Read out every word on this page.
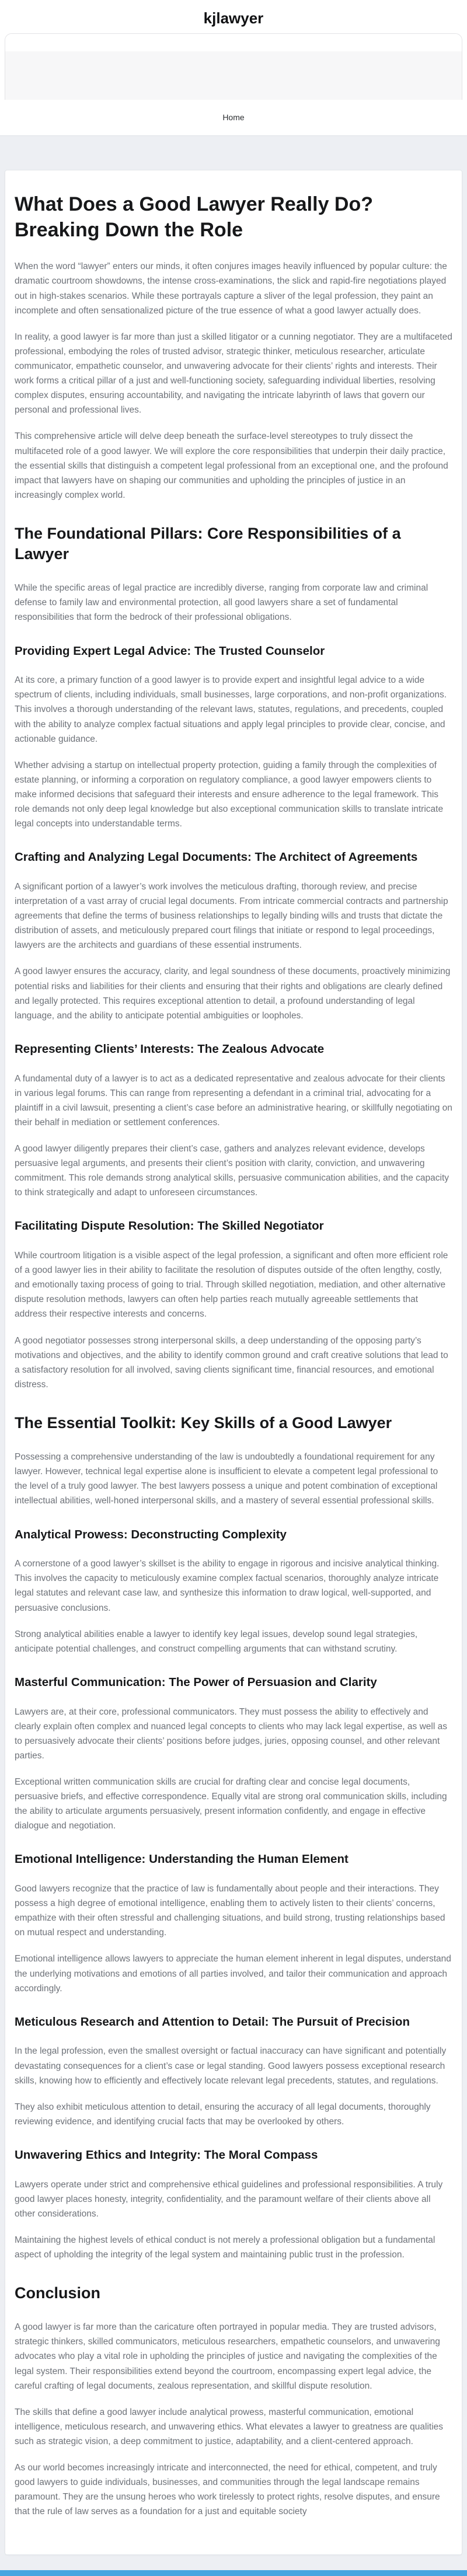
kjlawyer
Home
What Does a Good Lawyer Really Do? Breaking Down the Role

When the word “lawyer” enters our minds, it often conjures images heavily influenced by popular culture: the dramatic courtroom showdowns, the intense cross-examinations, the slick and rapid-fire negotiations played out in high-stakes scenarios. While these portrayals capture a sliver of the legal profession, they paint an incomplete and often sensationalized picture of the true essence of what a good lawyer actually does.

In reality, a good lawyer is far more than just a skilled litigator or a cunning negotiator. They are a multifaceted professional, embodying the roles of trusted advisor, strategic thinker, meticulous researcher, articulate communicator, empathetic counselor, and unwavering advocate for their clients’ rights and interests. Their work forms a critical pillar of a just and well-functioning society, safeguarding individual liberties, resolving complex disputes, ensuring accountability, and navigating the intricate labyrinth of laws that govern our personal and professional lives.

This comprehensive article will delve deep beneath the surface-level stereotypes to truly dissect the multifaceted role of a good lawyer. We will explore the core responsibilities that underpin their daily practice, the essential skills that distinguish a competent legal professional from an exceptional one, and the profound impact that lawyers have on shaping our communities and upholding the principles of justice in an increasingly complex world.

The Foundational Pillars: Core Responsibilities of a Lawyer

While the specific areas of legal practice are incredibly diverse, ranging from corporate law and criminal defense to family law and environmental protection, all good lawyers share a set of fundamental responsibilities that form the bedrock of their professional obligations.

Providing Expert Legal Advice: The Trusted Counselor

At its core, a primary function of a good lawyer is to provide expert and insightful legal advice to a wide spectrum of clients, including individuals, small businesses, large corporations, and non-profit organizations. This involves a thorough understanding of the relevant laws, statutes, regulations, and precedents, coupled with the ability to analyze complex factual situations and apply legal principles to provide clear, concise, and actionable guidance.

Whether advising a startup on intellectual property protection, guiding a family through the complexities of estate planning, or informing a corporation on regulatory compliance, a good lawyer empowers clients to make informed decisions that safeguard their interests and ensure adherence to the legal framework. This role demands not only deep legal knowledge but also exceptional communication skills to translate intricate legal concepts into understandable terms.

Crafting and Analyzing Legal Documents: The Architect of Agreements

A significant portion of a lawyer’s work involves the meticulous drafting, thorough review, and precise interpretation of a vast array of crucial legal documents. From intricate commercial contracts and partnership agreements that define the terms of business relationships to legally binding wills and trusts that dictate the distribution of assets, and meticulously prepared court filings that initiate or respond to legal proceedings, lawyers are the architects and guardians of these essential instruments.

A good lawyer ensures the accuracy, clarity, and legal soundness of these documents, proactively minimizing potential risks and liabilities for their clients and ensuring that their rights and obligations are clearly defined and legally protected. This requires exceptional attention to detail, a profound understanding of legal language, and the ability to anticipate potential ambiguities or loopholes.

Representing Clients’ Interests: The Zealous Advocate

A fundamental duty of a lawyer is to act as a dedicated representative and zealous advocate for their clients in various legal forums. This can range from representing a defendant in a criminal trial, advocating for a plaintiff in a civil lawsuit, presenting a client’s case before an administrative hearing, or skillfully negotiating on their behalf in mediation or settlement conferences.

A good lawyer diligently prepares their client’s case, gathers and analyzes relevant evidence, develops persuasive legal arguments, and presents their client’s position with clarity, conviction, and unwavering commitment. This role demands strong analytical skills, persuasive communication abilities, and the capacity to think strategically and adapt to unforeseen circumstances.

Facilitating Dispute Resolution: The Skilled Negotiator

While courtroom litigation is a visible aspect of the legal profession, a significant and often more efficient role of a good lawyer lies in their ability to facilitate the resolution of disputes outside of the often lengthy, costly, and emotionally taxing process of going to trial. Through skilled negotiation, mediation, and other alternative dispute resolution methods, lawyers can often help parties reach mutually agreeable settlements that address their respective interests and concerns.

A good negotiator possesses strong interpersonal skills, a deep understanding of the opposing party’s motivations and objectives, and the ability to identify common ground and craft creative solutions that lead to a satisfactory resolution for all involved, saving clients significant time, financial resources, and emotional distress.

The Essential Toolkit: Key Skills of a Good Lawyer

Possessing a comprehensive understanding of the law is undoubtedly a foundational requirement for any lawyer. However, technical legal expertise alone is insufficient to elevate a competent legal professional to the level of a truly good lawyer. The best lawyers possess a unique and potent combination of exceptional intellectual abilities, well-honed interpersonal skills, and a mastery of several essential professional skills.

Analytical Prowess: Deconstructing Complexity

A cornerstone of a good lawyer’s skillset is the ability to engage in rigorous and incisive analytical thinking. This involves the capacity to meticulously examine complex factual scenarios, thoroughly analyze intricate legal statutes and relevant case law, and synthesize this information to draw logical, well-supported, and persuasive conclusions.

Strong analytical abilities enable a lawyer to identify key legal issues, develop sound legal strategies, anticipate potential challenges, and construct compelling arguments that can withstand scrutiny.

Masterful Communication: The Power of Persuasion and Clarity

Lawyers are, at their core, professional communicators. They must possess the ability to effectively and clearly explain often complex and nuanced legal concepts to clients who may lack legal expertise, as well as to persuasively advocate their clients’ positions before judges, juries, opposing counsel, and other relevant parties.

Exceptional written communication skills are crucial for drafting clear and concise legal documents, persuasive briefs, and effective correspondence. Equally vital are strong oral communication skills, including the ability to articulate arguments persuasively, present information confidently, and engage in effective dialogue and negotiation.

Emotional Intelligence: Understanding the Human Element

Good lawyers recognize that the practice of law is fundamentally about people and their interactions. They possess a high degree of emotional intelligence, enabling them to actively listen to their clients’ concerns, empathize with their often stressful and challenging situations, and build strong, trusting relationships based on mutual respect and understanding.

Emotional intelligence allows lawyers to appreciate the human element inherent in legal disputes, understand the underlying motivations and emotions of all parties involved, and tailor their communication and approach accordingly.

Meticulous Research and Attention to Detail: The Pursuit of Precision

In the legal profession, even the smallest oversight or factual inaccuracy can have significant and potentially devastating consequences for a client’s case or legal standing. Good lawyers possess exceptional research skills, knowing how to efficiently and effectively locate relevant legal precedents, statutes, and regulations.

They also exhibit meticulous attention to detail, ensuring the accuracy of all legal documents, thoroughly reviewing evidence, and identifying crucial facts that may be overlooked by others.

Unwavering Ethics and Integrity: The Moral Compass

Lawyers operate under strict and comprehensive ethical guidelines and professional responsibilities. A truly good lawyer places honesty, integrity, confidentiality, and the paramount welfare of their clients above all other considerations.

Maintaining the highest levels of ethical conduct is not merely a professional obligation but a fundamental aspect of upholding the integrity of the legal system and maintaining public trust in the profession.

Conclusion

A good lawyer is far more than the caricature often portrayed in popular media. They are trusted advisors, strategic thinkers, skilled communicators, meticulous researchers, empathetic counselors, and unwavering advocates who play a vital role in upholding the principles of justice and navigating the complexities of the legal system. Their responsibilities extend beyond the courtroom, encompassing expert legal advice, the careful crafting of legal documents, zealous representation, and skillful dispute resolution.

The skills that define a good lawyer include analytical prowess, masterful communication, emotional intelligence, meticulous research, and unwavering ethics. What elevates a lawyer to greatness are qualities such as strategic vision, a deep commitment to justice, adaptability, and a client-centered approach.

As our world becomes increasingly intricate and interconnected, the need for ethical, competent, and truly good lawyers to guide individuals, businesses, and communities through the legal landscape remains paramount. They are the unsung heroes who work tirelessly to protect rights, resolve disputes, and ensure that the rule of law serves as a foundation for a just and equitable society
